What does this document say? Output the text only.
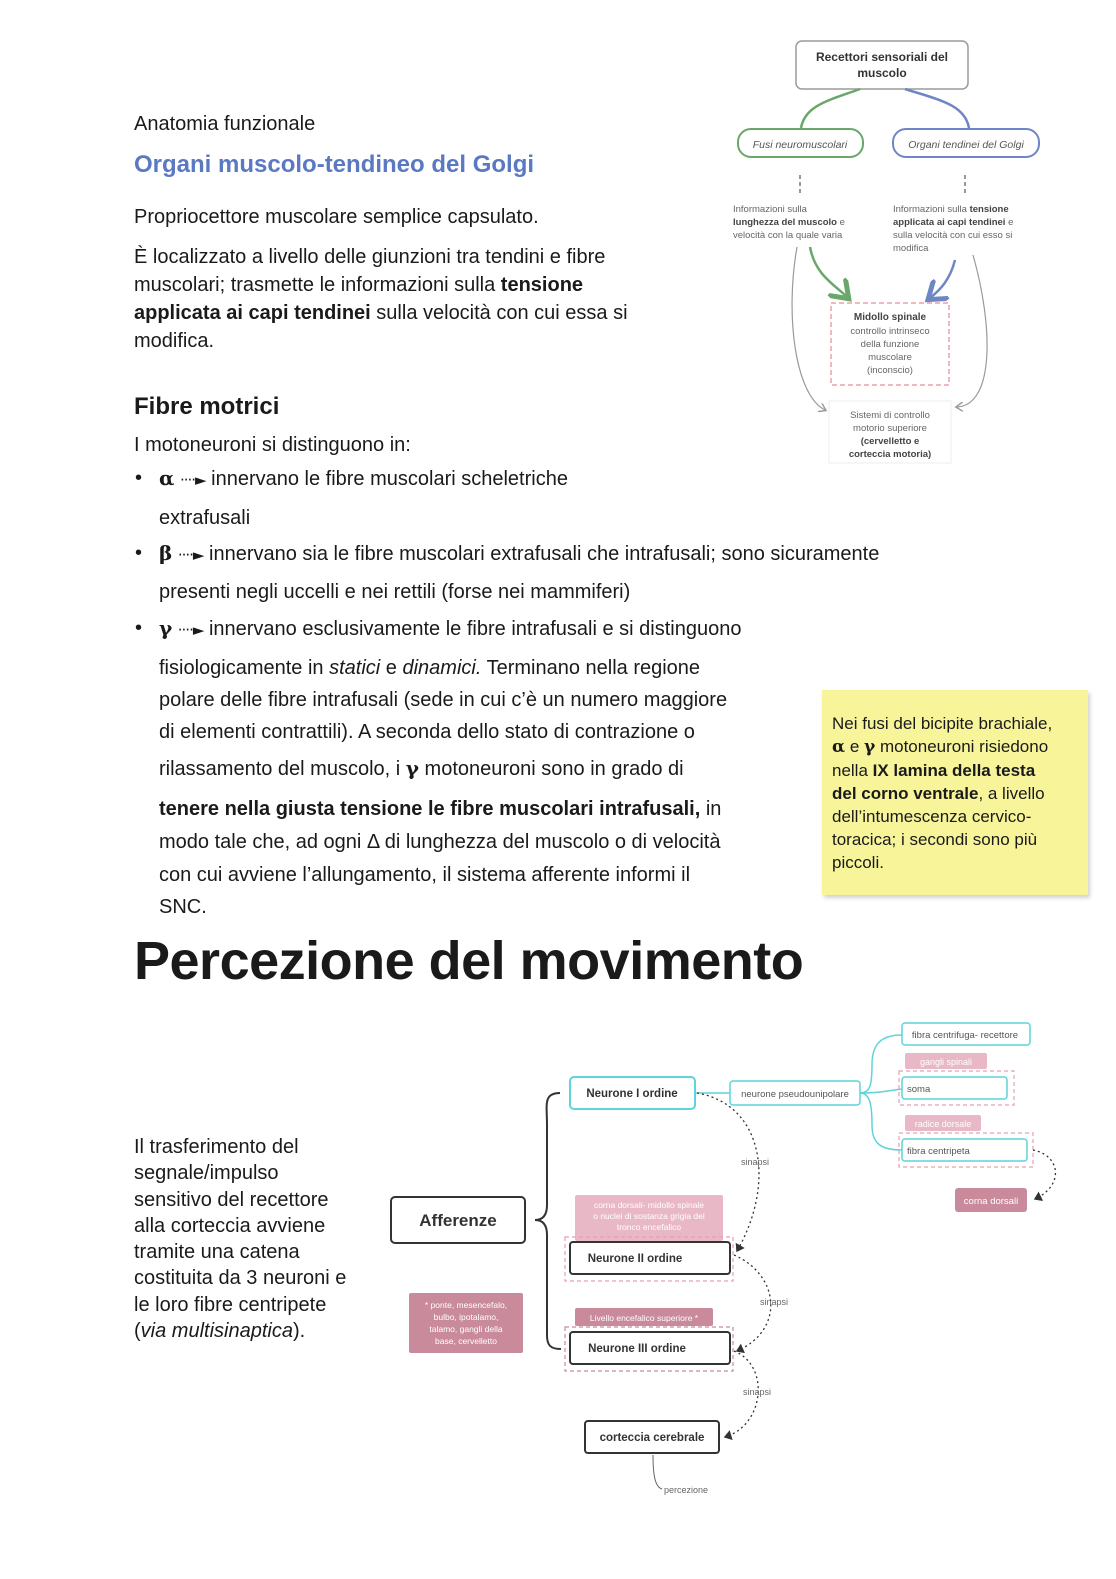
Anatomia funzionale
Organi muscolo-tendineo del Golgi
Propriocettore muscolare semplice capsulato.
È localizzato a livello delle giunzioni tra tendini e fibre
muscolari; trasmette le informazioni sulla tensione
applicata ai capi tendinei sulla velocità con cui essa si
modifica.
Fibre motrici
I motoneuroni si distinguono in:
• α ····► innervano le fibre muscolari scheletriche
extrafusali
• β ····► innervano sia le fibre muscolari extrafusali che intrafusali; sono sicuramente
presenti negli uccelli e nei rettili (forse nei mammiferi)
• γ ····► innervano esclusivamente le fibre intrafusali e si distinguono
fisiologicamente in statici e dinamici. Terminano nella regione
polare delle fibre intrafusali (sede in cui c’è un numero maggiore
di elementi contrattili). A seconda dello stato di contrazione o
rilassamento del muscolo, i γ motoneuroni sono in grado di
tenere nella giusta tensione le fibre muscolari intrafusali, in
modo tale che, ad ogni Δ di lunghezza del muscolo o di velocità
con cui avviene l’allungamento, il sistema afferente informi il
SNC.
Nei fusi del bicipite brachiale,
α e γ motoneuroni risiedono
nella IX lamina della testa
del corno ventrale, a livello
dell’intumescenza cervico-
toracica; i secondi sono più
piccoli.
Percezione del movimento
Il trasferimento del
segnale/impulso
sensitivo del recettore
alla corteccia avviene
tramite una catena
costituita da 3 neuroni e
le loro fibre centripete
(via multisinaptica).
Recettori sensoriali del
muscolo
Fusi neuromuscolari	Organi tendinei del Golgi
Informazioni sulla
lunghezza del muscolo e
velocità con la quale varia
Informazioni sulla tensione
applicata ai capi tendinei e
sulla velocità con cui esso si
modifica
Midollo spinale
controllo intrinseco
della funzione
muscolare
(inconscio)
Sistemi di controllo
motorio superiore
(cervelletto e
corteccia motoria)
Afferenze
Neurone I ordine	neurone pseudounipolare
fibra centrifuga- recettore
gangli spinali
soma
radice dorsale
fibra centripeta
corna dorsali
corna dorsali- midollo spinale
o nuclei di sostanza grigia del
tronco encefalico
Neurone II ordine
Livello encefalico superiore *
Neurone III ordine
* ponte, mesencefalo,
bulbo, ipotalamo,
talamo, gangli della
base, cervelletto
corteccia cerebrale
sinapsi
sinapsi
sinapsi
percezione
